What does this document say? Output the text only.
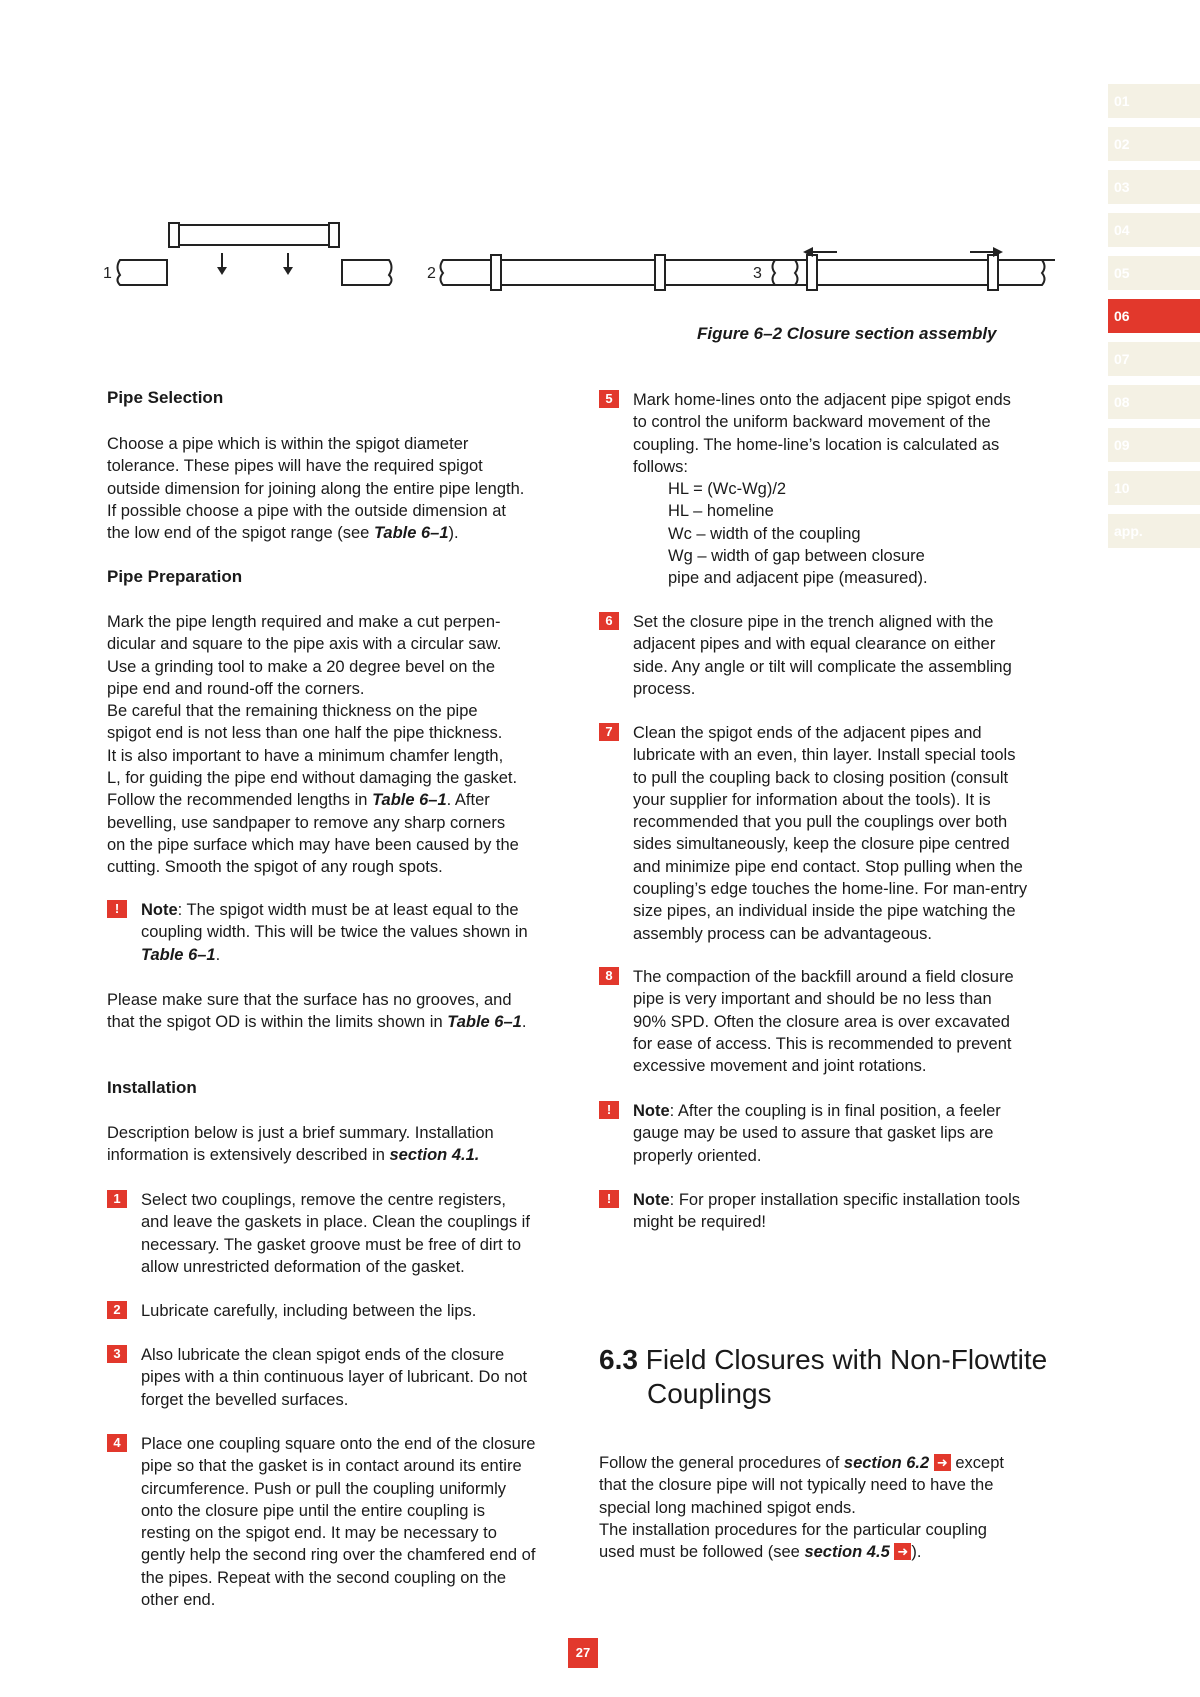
01
02
03
04
05
06
07
08
09
10
app.
1	2	3
Figure 6–2 Closure section assembly

Pipe Selection

Choose a pipe which is within the spigot diameter

tolerance. These pipes will have the required spigot

outside dimension for joining along the entire pipe length.

If possible choose a pipe with the outside dimension at

the low end of the spigot range (see Table 6–1).

Pipe Preparation

Mark the pipe length required and make a cut perpen-

dicular and square to the pipe axis with a circular saw.

Use a grinding tool to make a 20 degree bevel on the

pipe end and round-off the corners.

Be careful that the remaining thickness on the pipe

spigot end is not less than one half the pipe thickness.

It is also important to have a minimum chamfer length,

L, for guiding the pipe end without damaging the gasket.

Follow the recommended lengths in Table 6–1. After

bevelling, use sandpaper to remove any sharp corners

on the pipe surface which may have been caused by the

cutting. Smooth the spigot of any rough spots.

!	Note: The spigot width must be at least equal to the

coupling width. This will be twice the values shown in

Table 6–1.

Please make sure that the surface has no grooves, and

that the spigot OD is within the limits shown in Table 6–1.

Installation

Description below is just a brief summary. Installation

information is extensively described in section 4.1.

1	Select two couplings, remove the centre registers,

and leave the gaskets in place. Clean the couplings if

necessary. The gasket groove must be free of dirt to

allow unrestricted deformation of the gasket.

2	Lubricate carefully, including between the lips.

3	Also lubricate the clean spigot ends of the closure

pipes with a thin continuous layer of lubricant. Do not

forget the bevelled surfaces.

4	Place one coupling square onto the end of the closure

pipe so that the gasket is in contact around its entire

circumference. Push or pull the coupling uniformly

onto the closure pipe until the entire coupling is

resting on the spigot end. It may be necessary to

gently help the second ring over the chamfered end of

the pipes. Repeat with the second coupling on the

other end.

5	Mark home-lines onto the adjacent pipe spigot ends

to control the uniform backward movement of the

coupling. The home-line’s location is calculated as

follows:

HL = (Wc-Wg)/2

HL – homeline

Wc – width of the coupling

Wg – width of gap between closure

pipe and adjacent pipe (measured).

6	Set the closure pipe in the trench aligned with the

adjacent pipes and with equal clearance on either

side. Any angle or tilt will complicate the assembling

process.

7	Clean the spigot ends of the adjacent pipes and

lubricate with an even, thin layer. Install special tools

to pull the coupling back to closing position (consult

your supplier for information about the tools). It is

recommended that you pull the couplings over both

sides simultaneously, keep the closure pipe centred

and minimize pipe end contact. Stop pulling when the

coupling’s edge touches the home-line. For man-entry

size pipes, an individual inside the pipe watching the

assembly process can be advantageous.

8	The compaction of the backfill around a field closure

pipe is very important and should be no less than

90% SPD. Often the closure area is over excavated

for ease of access. This is recommended to prevent

excessive movement and joint rotations.

!	Note: After the coupling is in final position, a feeler

gauge may be used to assure that gasket lips are

properly oriented.

!	Note: For proper installation specific installation tools

might be required!

6.3 Field Closures with Non-Flowtite
Couplings

Follow the general procedures of section 6.2 ➜ except

that the closure pipe will not typically need to have the

special long machined spigot ends.

The installation procedures for the particular coupling

used must be followed (see section 4.5 ➜ ).

27
